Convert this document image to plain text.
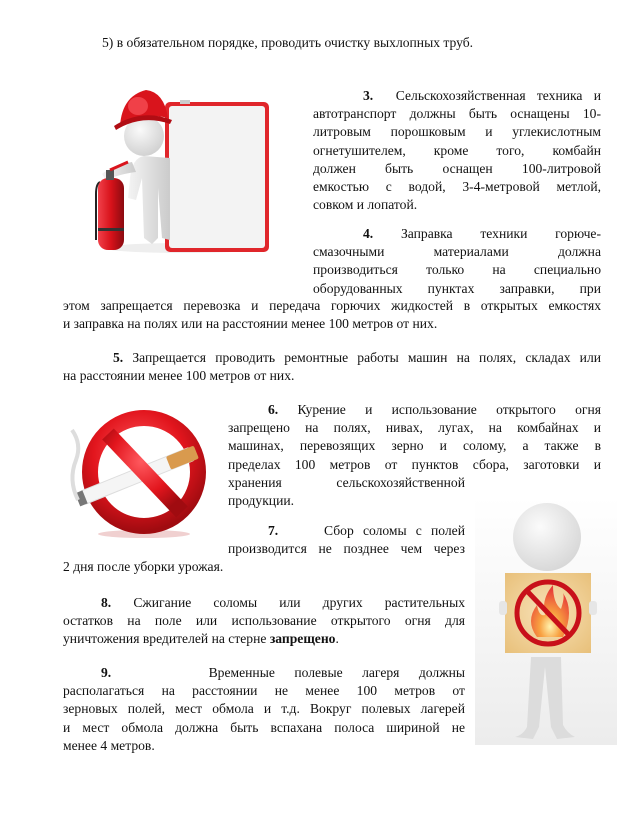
5) в обязательном порядке, проводить очистку выхлопных труб.
3. Сельскохозяйственная техника и
автотранспорт должны быть оснащены 10-
литровым порошковым и углекислотным
огнетушителем, кроме того, комбайн
должен быть оснащен 100-литровой
емкостью с водой, 3-4-метровой метлой,
совком и лопатой.
4. Заправка техники горюче-
смазочными материалами должна
производиться только на специально
оборудованных пунктах заправки, при
этом запрещается перевозка и передача горючих жидкостей в открытых емкостях
и заправка на полях или на расстоянии менее 100 метров от них.
5. Запрещается проводить ремонтные работы машин на полях, складах или
на расстоянии менее 100 метров от них.
6. Курение и использование открытого огня
запрещено на полях, нивах, лугах, на комбайнах и
машинах, перевозящих зерно и солому, а также в
пределах 100 метров от пунктов сбора, заготовки и
хранения сельскохозяйственной
продукции.
7.	Сбор соломы с полей
производится не позднее чем через
2 дня после уборки урожая.
8. Сжигание соломы или других растительных
остатков на поле или использование открытого огня для
уничтожения вредителей на стерне запрещено.
9.	Временные полевые лагеря должны
располагаться на расстоянии не менее 100 метров от
зерновых полей, мест обмола и т.д. Вокруг полевых лагерей
и мест обмола должна быть вспахана полоса шириной не
менее 4 метров.
